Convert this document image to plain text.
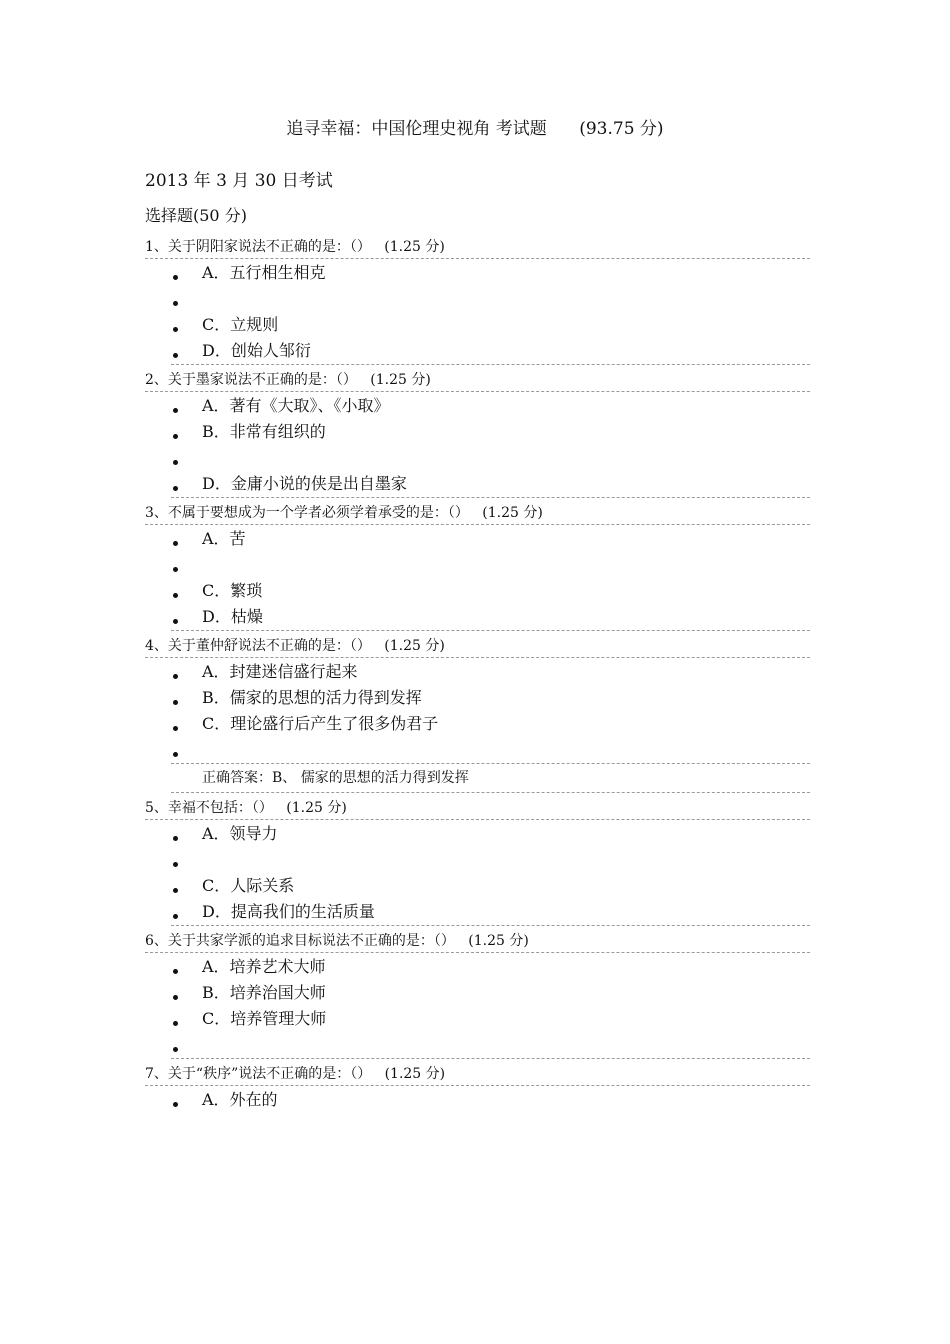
追寻幸福：中国伦理史视角 考试题      (93.75 分)
2013 年 3 月 30 日考试
选择题(50 分)
1、关于阴阳家说法不正确的是：（）   (1.25 分)
A．五行相生相克
C．立规则
D．创始人邹衍
2、关于墨家说法不正确的是：（）   (1.25 分)
A．著有《大取》、《小取》
B．非常有组织的
D．金庸小说的侠是出自墨家
3、不属于要想成为一个学者必须学着承受的是：（）   (1.25 分)
A．苦
C．繁琐
D．枯燥
4、关于董仲舒说法不正确的是：（）   (1.25 分)
A．封建迷信盛行起来
B．儒家的思想的活力得到发挥
C．理论盛行后产生了很多伪君子
正确答案：B、 儒家的思想的活力得到发挥
5、幸福不包括：（）   (1.25 分)
A．领导力
C．人际关系
D．提高我们的生活质量
6、关于共家学派的追求目标说法不正确的是：（）   (1.25 分)
A．培养艺术大师
B．培养治国大师
C．培养管理大师
7、关于“秩序”说法不正确的是：（）   (1.25 分)
A．外在的
